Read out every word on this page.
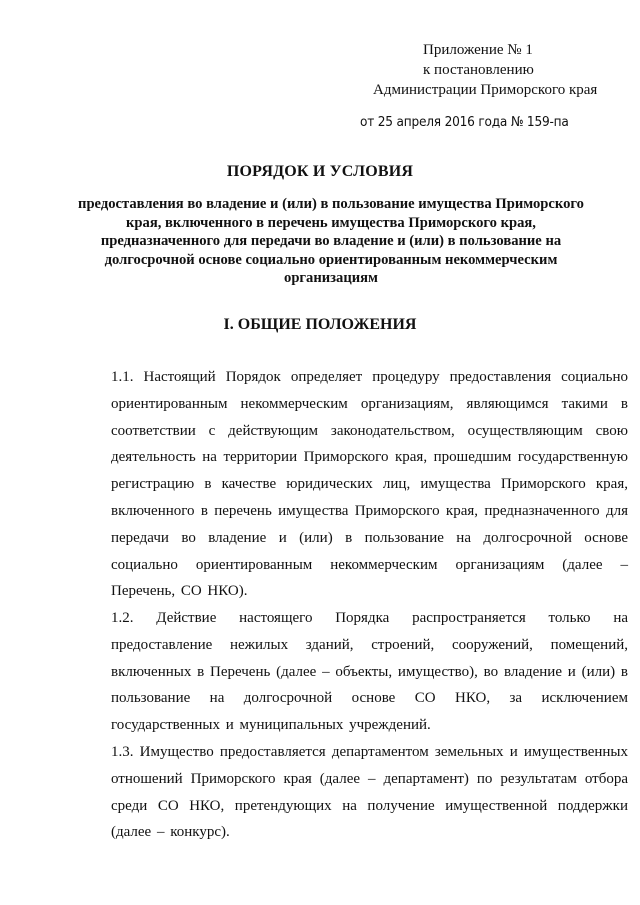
Приложение № 1
к постановлению
Администрации Приморского края
от 25 апреля 2016 года № 159-па
ПОРЯДОК И УСЛОВИЯ
предоставления во владение и (или) в пользование имущества Приморского края, включенного в перечень имущества Приморского края, предназначенного для передачи во владение и (или) в пользование на долгосрочной основе социально ориентированным некоммерческим организациям
I. ОБЩИЕ ПОЛОЖЕНИЯ
1.1. Настоящий Порядок определяет процедуру предоставления социально ориентированным некоммерческим организациям, являющимся такими в соответствии с действующим законодательством, осуществляющим свою деятельность на территории Приморского края, прошедшим государственную регистрацию в качестве юридических лиц, имущества Приморского края, включенного в перечень имущества Приморского края, предназначенного для передачи во владение и (или) в пользование на долгосрочной основе социально ориентированным некоммерческим организациям (далее – Перечень, СО НКО).
1.2. Действие настоящего Порядка распространяется только на предоставление нежилых зданий, строений, сооружений, помещений, включенных в Перечень (далее – объекты, имущество), во владение и (или) в пользование на долгосрочной основе СО НКО, за исключением государственных и муниципальных учреждений.
1.3. Имущество предоставляется департаментом земельных и имущественных отношений Приморского края (далее – департамент) по результатам отбора среди СО НКО, претендующих на получение имущественной поддержки (далее – конкурс).
